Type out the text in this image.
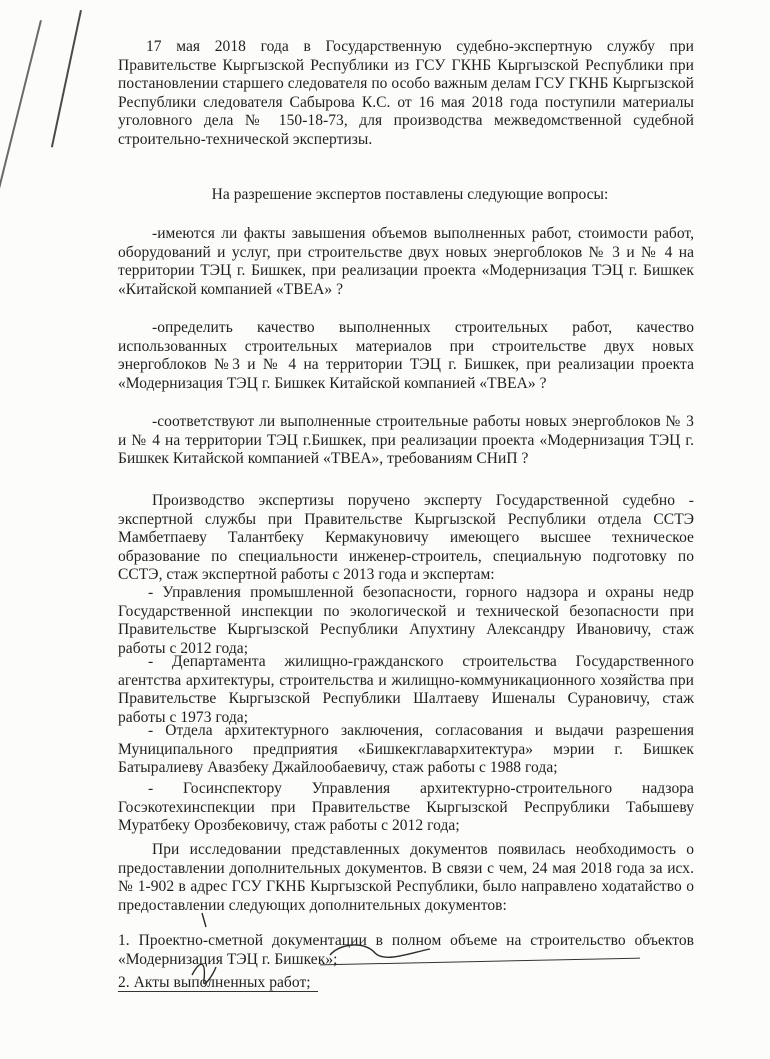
17 мая 2018 года в Государственную судебно-экспертную службу при Правительстве Кыргызской Республики из ГСУ ГКНБ Кыргызской Республики при постановлении старшего следователя по особо важным делам ГСУ ГКНБ Кыргызской Республики следователя Сабырова К.С. от 16 мая 2018 года поступили материалы уголовного дела № 150-18-73, для производства межведомственной судебной строительно-технической экспертизы.
На разрешение экспертов поставлены следующие вопросы:
-имеются ли факты завышения объемов выполненных работ, стоимости работ, оборудований и услуг, при строительстве двух новых энергоблоков № 3 и № 4 на территории ТЭЦ г. Бишкек, при реализации проекта «Модернизация ТЭЦ г. Бишкек «Китайской компанией «ТВЕА» ?
-определить качество выполненных строительных работ, качество использованных строительных материалов при строительстве двух новых энергоблоков №3 и № 4 на территории ТЭЦ г. Бишкек, при реализации проекта «Модернизация ТЭЦ г. Бишкек Китайской компанией «ТВЕА» ?
-соответствуют ли выполненные строительные работы новых энергоблоков № 3 и № 4 на территории ТЭЦ г.Бишкек, при реализации проекта «Модернизация ТЭЦ г. Бишкек Китайской компанией «ТВЕА», требованиям СНиП ?
Производство экспертизы поручено эксперту Государственной судебно - экспертной службы при Правительстве Кыргызской Республики отдела ССТЭ Мамбетпаеву Талантбеку Кермакуновичу имеющего высшее техническое образование по специальности инженер-строитель, специальную подготовку по ССТЭ, стаж экспертной работы с 2013 года и экспертам:
- Управления промышленной безопасности, горного надзора и охраны недр Государственной инспекции по экологической и технической безопасности при Правительстве Кыргызской Республики Апухтину Александру Ивановичу, стаж работы с 2012 года;
- Департамента жилищно-гражданского строительства Государственного агентства архитектуры, строительства и жилищно-коммуникационного хозяйства при Правительстве Кыргызской Республики Шалтаеву Ишеналы Сурановичу, стаж работы с 1973 года;
- Отдела архитектурного заключения, согласования и выдачи разрешения Муниципального предприятия «Бишкекглавархитектура» мэрии г. Бишкек Батыралиеву Авазбеку Джайлообаевичу, стаж работы с 1988 года;
- Госинспектору Управления архитектурно-строительного надзора Госэкотехинспекции при Правительстве Кыргызской Респрублики Табышеву Муратбеку Орозбековичу, стаж работы с 2012 года;
При исследовании представленных документов появилась необходимость о предоставлении дополнительных документов. В связи с чем, 24 мая 2018 года за исх. № 1-902 в адрес ГСУ ГКНБ Кыргызской Республики, было направлено ходатайство о предоставлении следующих дополнительных документов:
1. Проектно-сметной документации в полном объеме на строительство объектов «Модернизация ТЭЦ г. Бишкек»;
2. Акты выполненных работ;
